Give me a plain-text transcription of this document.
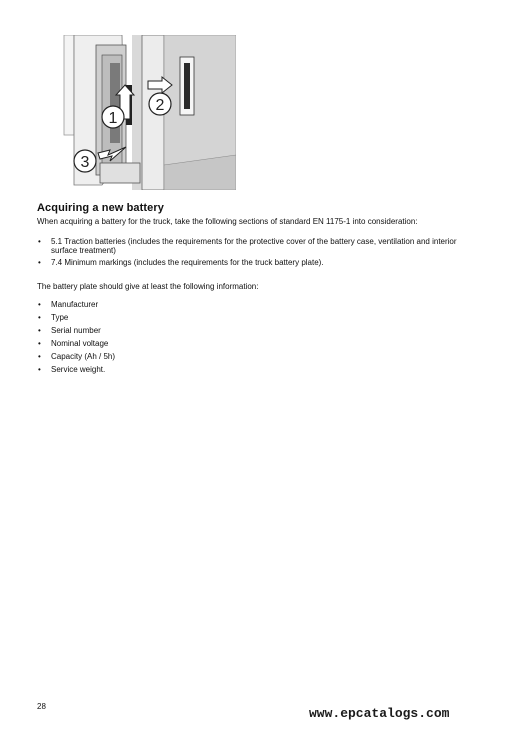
1
2
3
Acquiring a new battery
When acquiring a battery for the truck, take the following sections of standard EN 1175-1 into consideration:
• 5.1 Traction batteries (includes the requirements for the protective cover of the battery case, ventilation and interior surface treatment)
• 7.4 Minimum markings (includes the requirements for the truck battery plate).
The battery plate should give at least the following information:
• Manufacturer
• Type
• Serial number
• Nominal voltage
• Capacity (Ah / 5h)
• Service weight.
28	www.epcatalogs.com
